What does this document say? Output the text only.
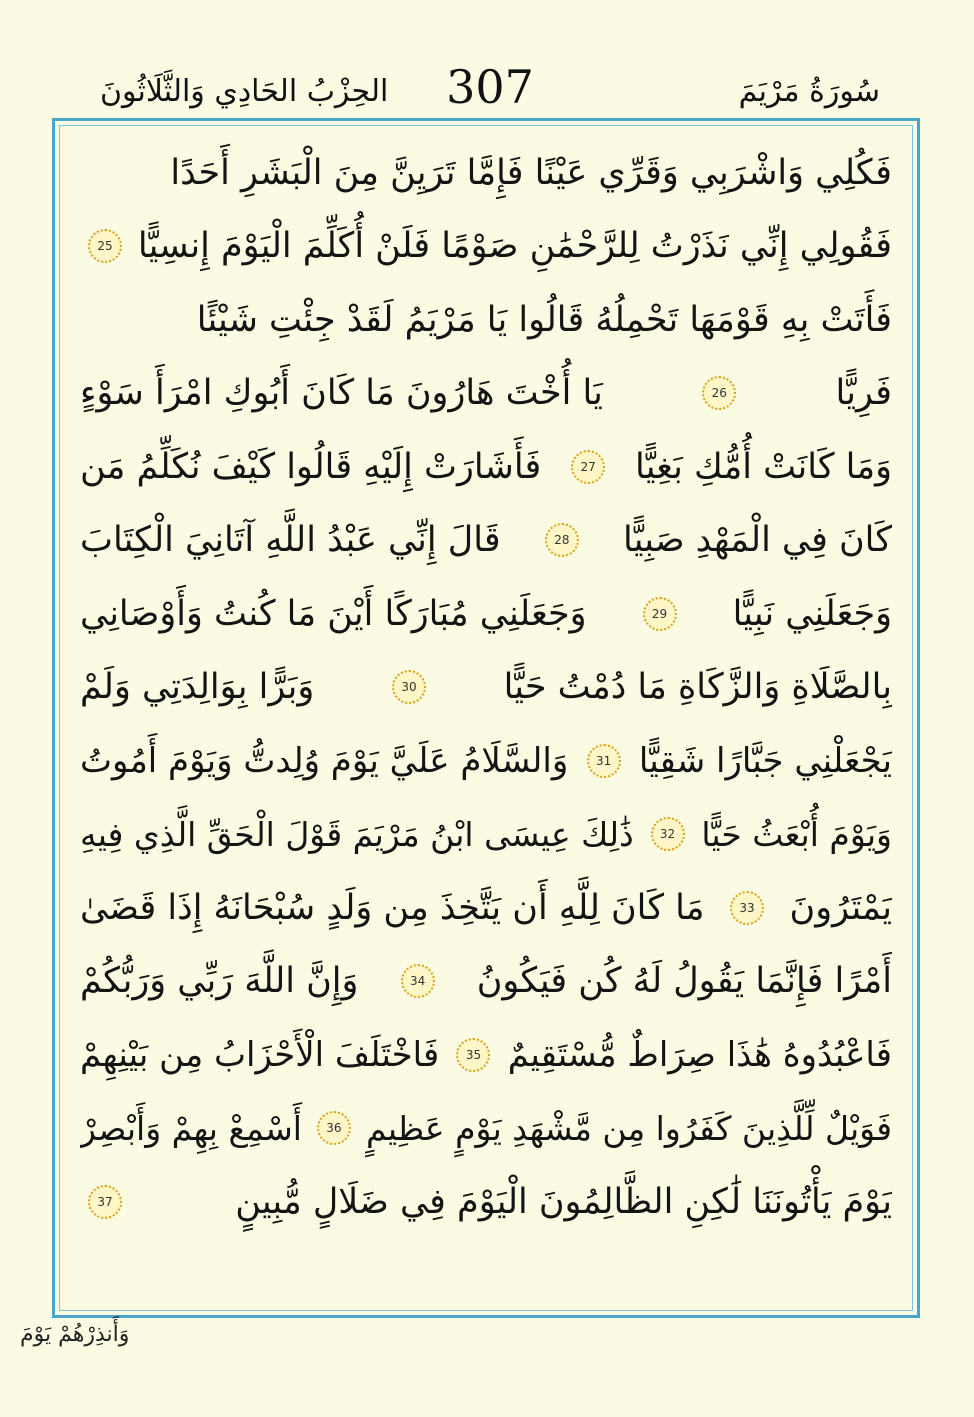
سُورَةُ مَرْيَمَ
307
الحِزْبُ الحَادِي وَالثَّلَاثُونَ
فَكُلِي وَاشْرَبِي وَقَرِّي عَيْنًا فَإِمَّا تَرَيِنَّ مِنَ الْبَشَرِ أَحَدًا
فَقُولِي إِنِّي نَذَرْتُ لِلرَّحْمَٰنِ صَوْمًا فَلَنْ أُكَلِّمَ الْيَوْمَ إِنسِيًّا
25
فَأَتَتْ بِهِ قَوْمَهَا تَحْمِلُهُ قَالُوا يَا مَرْيَمُ لَقَدْ جِئْتِ شَيْئًا
فَرِيًّا
26
يَا أُخْتَ هَارُونَ مَا كَانَ أَبُوكِ امْرَأَ سَوْءٍ
وَمَا كَانَتْ أُمُّكِ بَغِيًّا
27
فَأَشَارَتْ إِلَيْهِ قَالُوا كَيْفَ نُكَلِّمُ مَن
كَانَ فِي الْمَهْدِ صَبِيًّا
28
قَالَ إِنِّي عَبْدُ اللَّهِ آتَانِيَ الْكِتَابَ
وَجَعَلَنِي نَبِيًّا
29
وَجَعَلَنِي مُبَارَكًا أَيْنَ مَا كُنتُ وَأَوْصَانِي
بِالصَّلَاةِ وَالزَّكَاةِ مَا دُمْتُ حَيًّا
30
وَبَرًّا بِوَالِدَتِي وَلَمْ
يَجْعَلْنِي جَبَّارًا شَقِيًّا
31
وَالسَّلَامُ عَلَيَّ يَوْمَ وُلِدتُّ وَيَوْمَ أَمُوتُ
وَيَوْمَ أُبْعَثُ حَيًّا
32
ذَٰلِكَ عِيسَى ابْنُ مَرْيَمَ قَوْلَ الْحَقِّ الَّذِي فِيهِ
يَمْتَرُونَ
33
مَا كَانَ لِلَّهِ أَن يَتَّخِذَ مِن وَلَدٍ سُبْحَانَهُ إِذَا قَضَىٰ
أَمْرًا فَإِنَّمَا يَقُولُ لَهُ كُن فَيَكُونُ
34
وَإِنَّ اللَّهَ رَبِّي وَرَبُّكُمْ
فَاعْبُدُوهُ هَٰذَا صِرَاطٌ مُّسْتَقِيمٌ
35
فَاخْتَلَفَ الْأَحْزَابُ مِن بَيْنِهِمْ
فَوَيْلٌ لِّلَّذِينَ كَفَرُوا مِن مَّشْهَدِ يَوْمٍ عَظِيمٍ
36
أَسْمِعْ بِهِمْ وَأَبْصِرْ
يَوْمَ يَأْتُونَنَا لَٰكِنِ الظَّالِمُونَ الْيَوْمَ فِي ضَلَالٍ مُّبِينٍ
37
وَأَنذِرْهُمْ يَوْمَ
